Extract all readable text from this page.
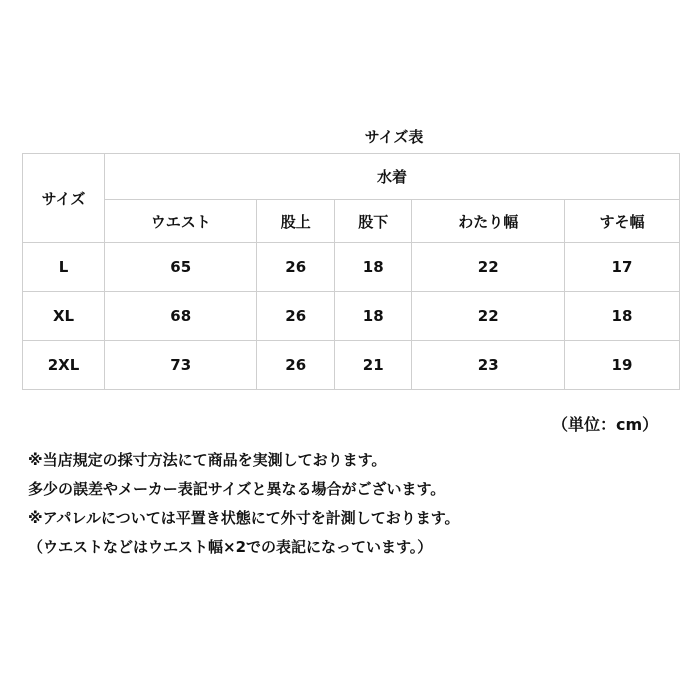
サイズ表
サイズ	水着				
	ウエスト	股上	股下	わたり幅	すそ幅
L	65	26	18	22	17
XL	68	26	18	22	18
2XL	73	26	21	23	19
（単位：cm）
※当店規定の採寸方法にて商品を実測しております。
多少の誤差やメーカー表記サイズと異なる場合がございます。
※アパレルについては平置き状態にて外寸を計測しております。
（ウエストなどはウエスト幅×2での表記になっています。）
